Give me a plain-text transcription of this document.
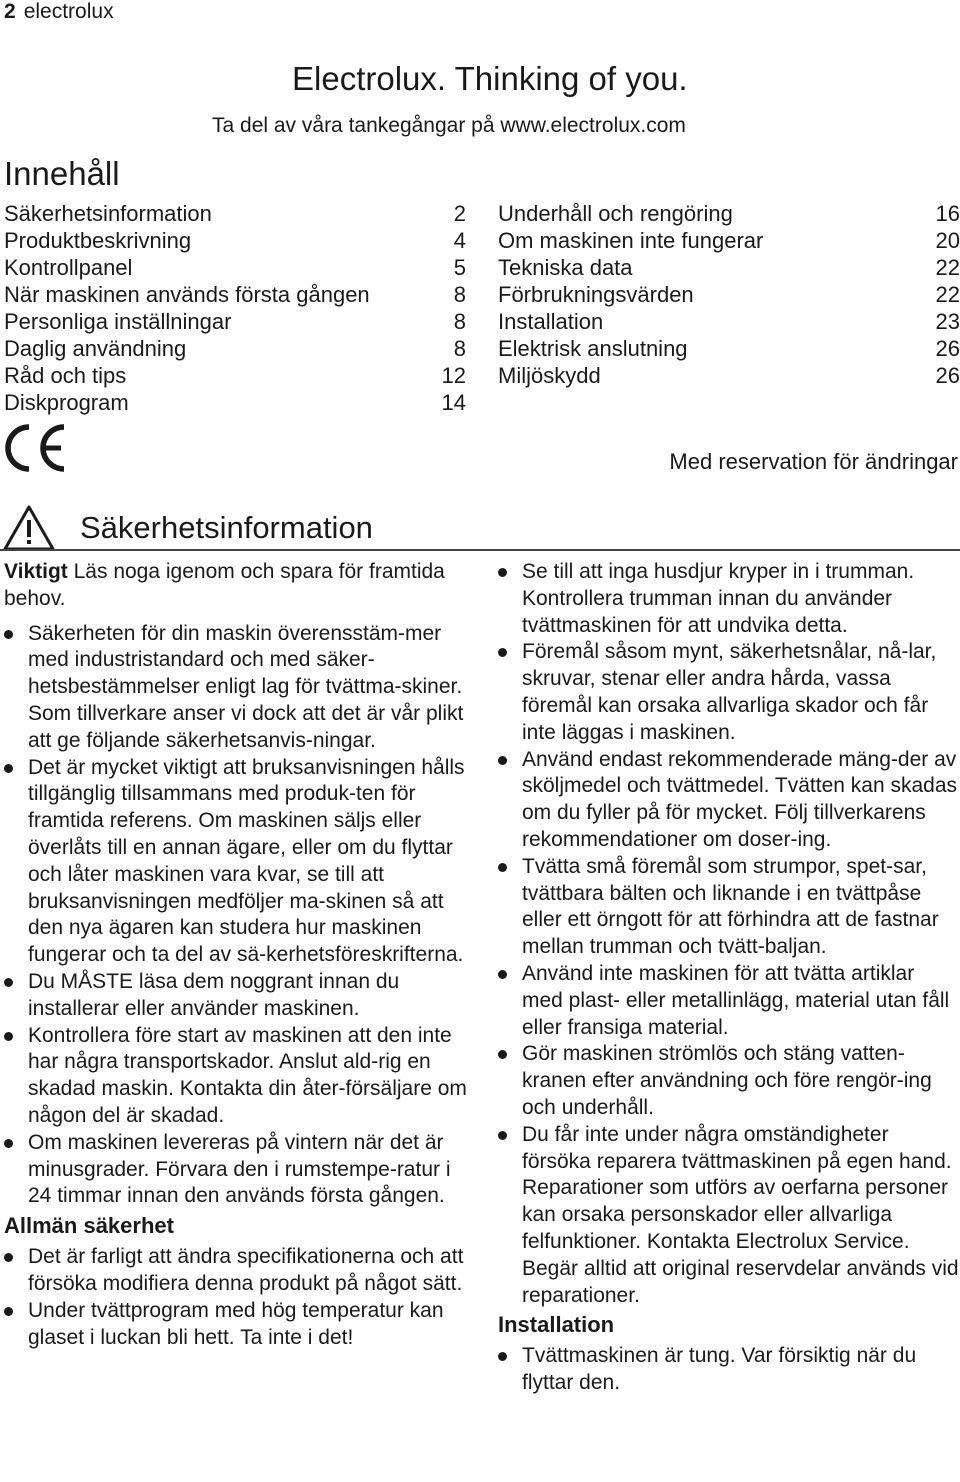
2 electrolux
Electrolux. Thinking of you.
Ta del av våra tankegångar på www.electrolux.com
Innehåll
Säkerhetsinformation	2
Produktbeskrivning	4
Kontrollpanel	5
När maskinen används första gången	8
Personliga inställningar	8
Daglig användning	8
Råd och tips	12
Diskprogram	14
Underhåll och rengöring	16
Om maskinen inte fungerar	20
Tekniska data	22
Förbrukningsvärden	22
Installation	23
Elektrisk anslutning	26
Miljöskydd	26
Med reservation för ändringar
Säkerhetsinformation

Viktigt Läs noga igenom och spara för framtida behov.

Säkerheten för din maskin överensstäm-mer med industristandard och med säker-hetsbestämmelser enligt lag för tvättma-skiner. Som tillverkare anser vi dock att det är vår plikt att ge följande säkerhetsanvis-ningar.
Det är mycket viktigt att bruksanvisningen hålls tillgänglig tillsammans med produk-ten för framtida referens. Om maskinen säljs eller överlåts till en annan ägare, eller om du flyttar och låter maskinen vara kvar, se till att bruksanvisningen medföljer ma-skinen så att den nya ägaren kan studera hur maskinen fungerar och ta del av sä-kerhetsföreskrifterna.
Du MÅSTE läsa dem noggrant innan du installerar eller använder maskinen.
Kontrollera före start av maskinen att den inte har några transportskador. Anslut ald-rig en skadad maskin. Kontakta din åter-försäljare om någon del är skadad.
Om maskinen levereras på vintern när det är minusgrader. Förvara den i rumstempe-ratur i 24 timmar innan den används första gången.
Allmän säkerhet
Det är farligt att ändra specifikationerna och att försöka modifiera denna produkt på något sätt.
Under tvättprogram med hög temperatur kan glaset i luckan bli hett. Ta inte i det!
Se till att inga husdjur kryper in i trumman. Kontrollera trumman innan du använder tvättmaskinen för att undvika detta.
Föremål såsom mynt, säkerhetsnålar, nå-lar, skruvar, stenar eller andra hårda, vassa föremål kan orsaka allvarliga skador och får inte läggas i maskinen.
Använd endast rekommenderade mäng-der av sköljmedel och tvättmedel. Tvätten kan skadas om du fyller på för mycket. Följ tillverkarens rekommendationer om doser-ing.
Tvätta små föremål som strumpor, spet-sar, tvättbara bälten och liknande i en tvättpåse eller ett örngott för att förhindra att de fastnar mellan trumman och tvätt-baljan.
Använd inte maskinen för att tvätta artiklar med plast- eller metallinlägg, material utan fåll eller fransiga material.
Gör maskinen strömlös och stäng vatten-kranen efter användning och före rengör-ing och underhåll.
Du får inte under några omständigheter försöka reparera tvättmaskinen på egen hand. Reparationer som utförs av oerfarna personer kan orsaka personskador eller allvarliga felfunktioner. Kontakta Electrolux Service. Begär alltid att original reservdelar används vid reparationer.
Installation
Tvättmaskinen är tung. Var försiktig när du flyttar den.
